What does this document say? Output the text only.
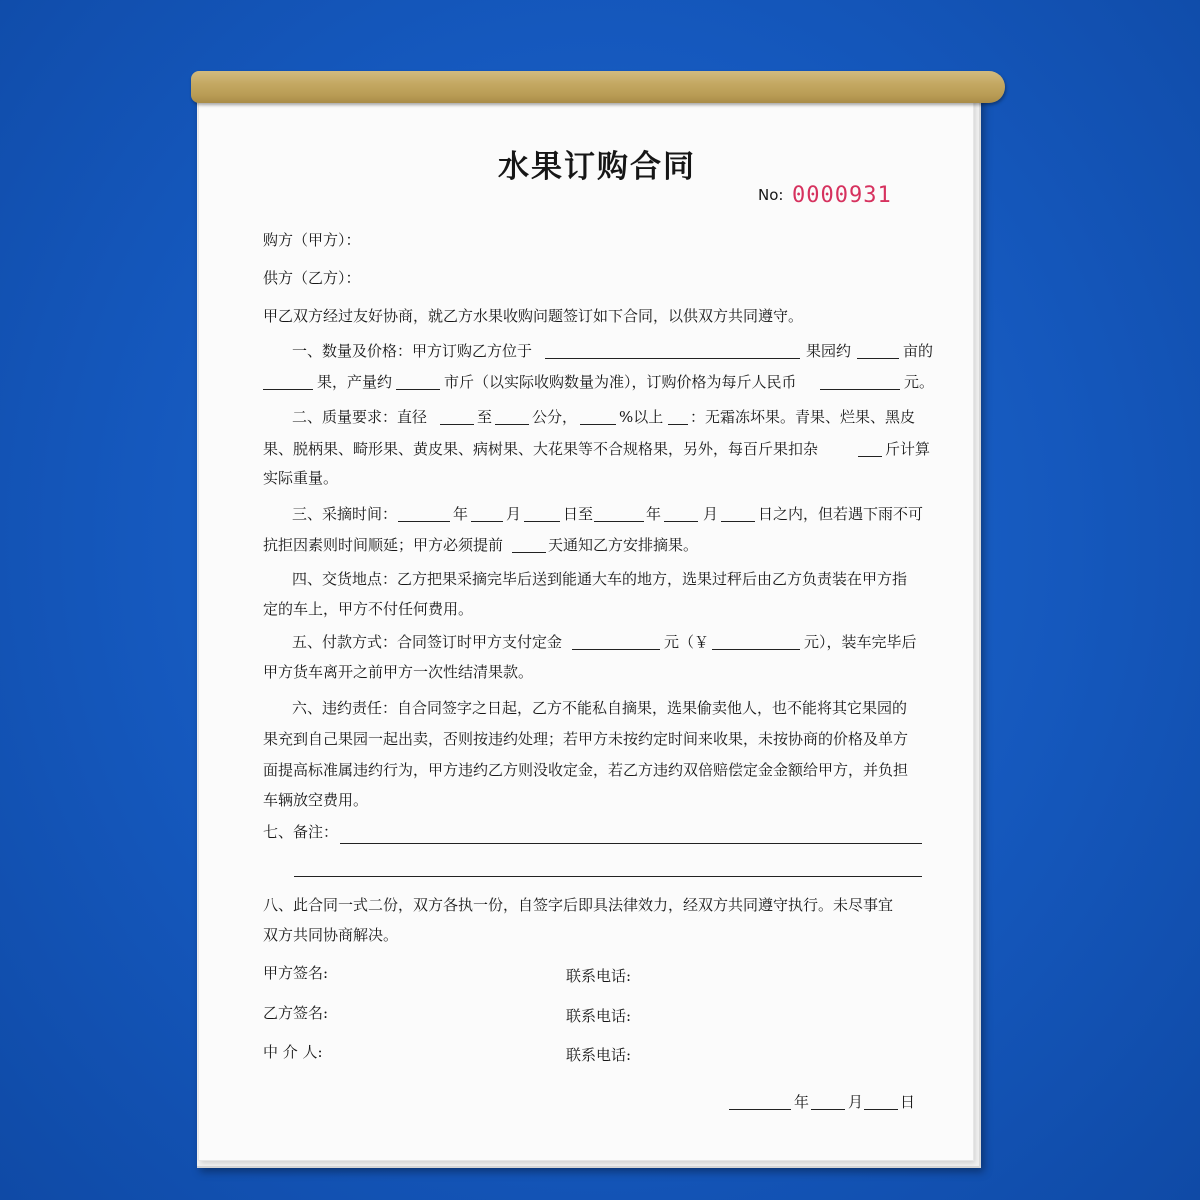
水果订购合同
No: 0000931
购方（甲方）：
供方（乙方）：
甲乙双方经过友好协商，就乙方水果收购问题签订如下合同，以供双方共同遵守。
一、数量及价格：甲方订购乙方位于	果园约	亩的
果，产量约	市斤（以实际收购数量为准），订购价格为每斤人民币	元。
二、质量要求：直径	至	公分，	%以上 ：无霜冻坏果。青果、烂果、黑皮
果、脱柄果、畸形果、黄皮果、病树果、大花果等不合规格果，另外，每百斤果扣杂	斤计算
实际重量。
三、采摘时间：	年	月	日至	年	月	日之内，但若遇下雨不可
抗拒因素则时间顺延；甲方必须提前	天通知乙方安排摘果。
四、交货地点：乙方把果采摘完毕后送到能通大车的地方，选果过秤后由乙方负责装在甲方指
定的车上，甲方不付任何费用。
五、付款方式：合同签订时甲方支付定金	元（￥	元），装车完毕后
甲方货车离开之前甲方一次性结清果款。
六、违约责任：自合同签字之日起，乙方不能私自摘果，选果偷卖他人，也不能将其它果园的
果充到自己果园一起出卖，否则按违约处理；若甲方未按约定时间来收果，未按协商的价格及单方
面提高标准属违约行为，甲方违约乙方则没收定金，若乙方违约双倍赔偿定金金额给甲方，并负担
车辆放空费用。
七、备注：
八、此合同一式二份，双方各执一份，自签字后即具法律效力，经双方共同遵守执行。未尽事宜
双方共同协商解决。
甲方签名:	联系电话:
乙方签名:	联系电话:
中 介 人:	联系电话:
年	月 日
